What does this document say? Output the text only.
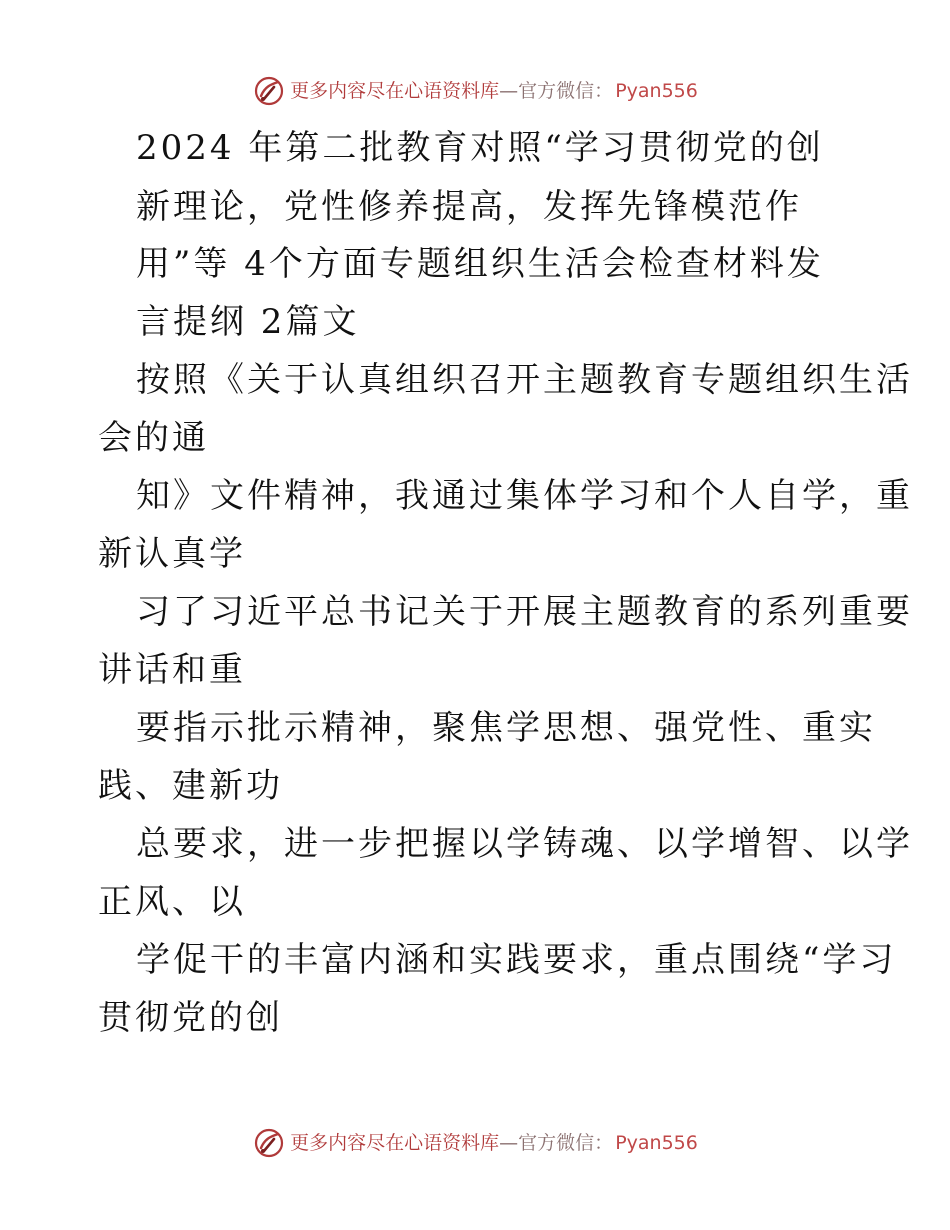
更多内容尽在心语资料库 — 官方微信： Pyan556
2024 年第二批教育对照“学习贯彻党的创
新理论，党性修养提高，发挥先锋模范作
用”等 4个方面专题组织生活会检查材料发
言提纲 2篇文
按照《关于认真组织召开主题教育专题组织生活
会的通
知》文件精神，我通过集体学习和个人自学，重
新认真学
习了习近平总书记关于开展主题教育的系列重要
讲话和重
要指示批示精神，聚焦学思想、强党性、重实
践、建新功
总要求，进一步把握以学铸魂、以学增智、以学
正风、以
学促干的丰富内涵和实践要求，重点围绕“学习
贯彻党的创
更多内容尽在心语资料库 — 官方微信： Pyan556
